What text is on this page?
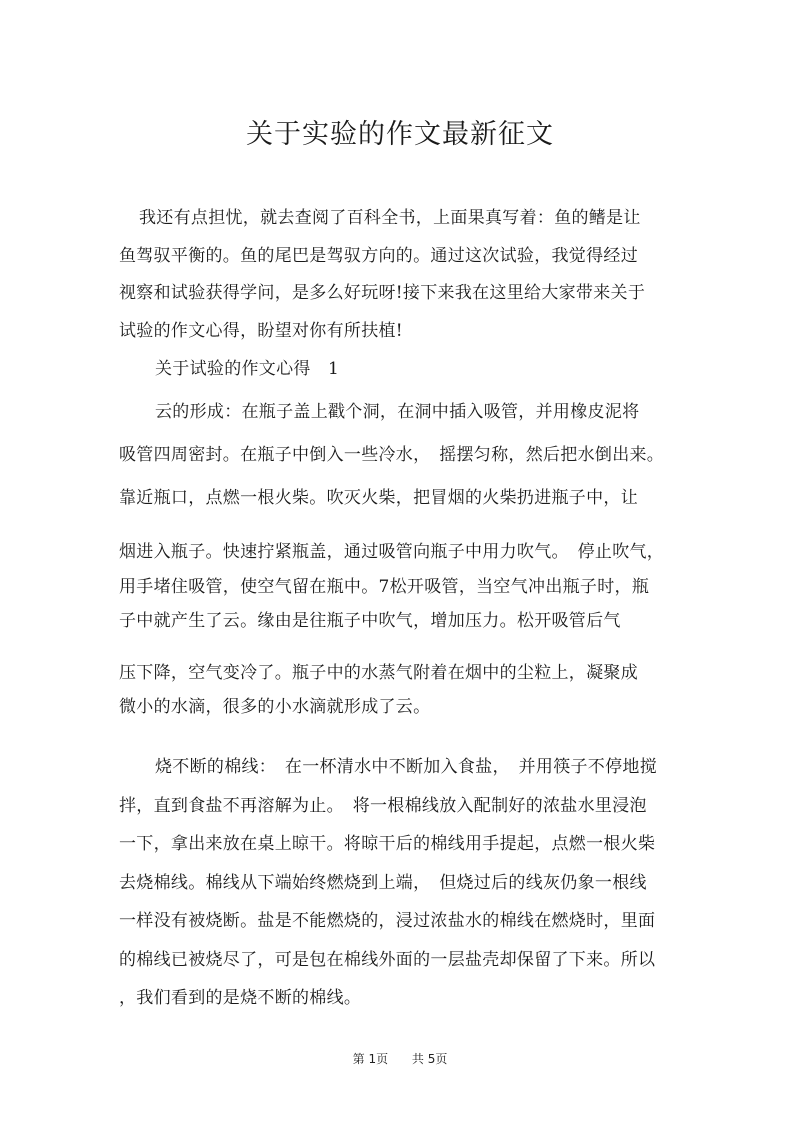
关于实验的作文最新征文
我还有点担忧，就去查阅了百科全书，上面果真写着：鱼的鳍是让
鱼驾驭平衡的。鱼的尾巴是驾驭方向的。通过这次试验，我觉得经过
视察和试验获得学问，是多么好玩呀!接下来我在这里给大家带来关于
试验的作文心得，盼望对你有所扶植!
关于试验的作文心得　1
云的形成：在瓶子盖上戳个洞，在洞中插入吸管，并用橡皮泥将
吸管四周密封。在瓶子中倒入一些冷水，　摇摆匀称，然后把水倒出来。
靠近瓶口，点燃一根火柴。吹灭火柴，把冒烟的火柴扔进瓶子中，让
烟进入瓶子。快速拧紧瓶盖，通过吸管向瓶子中用力吹气。　停止吹气，
用手堵住吸管，使空气留在瓶中。7松开吸管，当空气冲出瓶子时，瓶
子中就产生了云。缘由是往瓶子中吹气，增加压力。松开吸管后气
压下降，空气变冷了。瓶子中的水蒸气附着在烟中的尘粒上，凝聚成
微小的水滴，很多的小水滴就形成了云。
烧不断的棉线：　在一杯清水中不断加入食盐，　并用筷子不停地搅
拌，直到食盐不再溶解为止。　将一根棉线放入配制好的浓盐水里浸泡
一下，拿出来放在桌上晾干。将晾干后的棉线用手提起，点燃一根火柴
去烧棉线。棉线从下端始终燃烧到上端，　但烧过后的线灰仍象一根线
一样没有被烧断。盐是不能燃烧的，浸过浓盐水的棉线在燃烧时，里面
的棉线已被烧尽了，可是包在棉线外面的一层盐壳却保留了下来。所以
，我们看到的是烧不断的棉线。
第 1页 共 5页
